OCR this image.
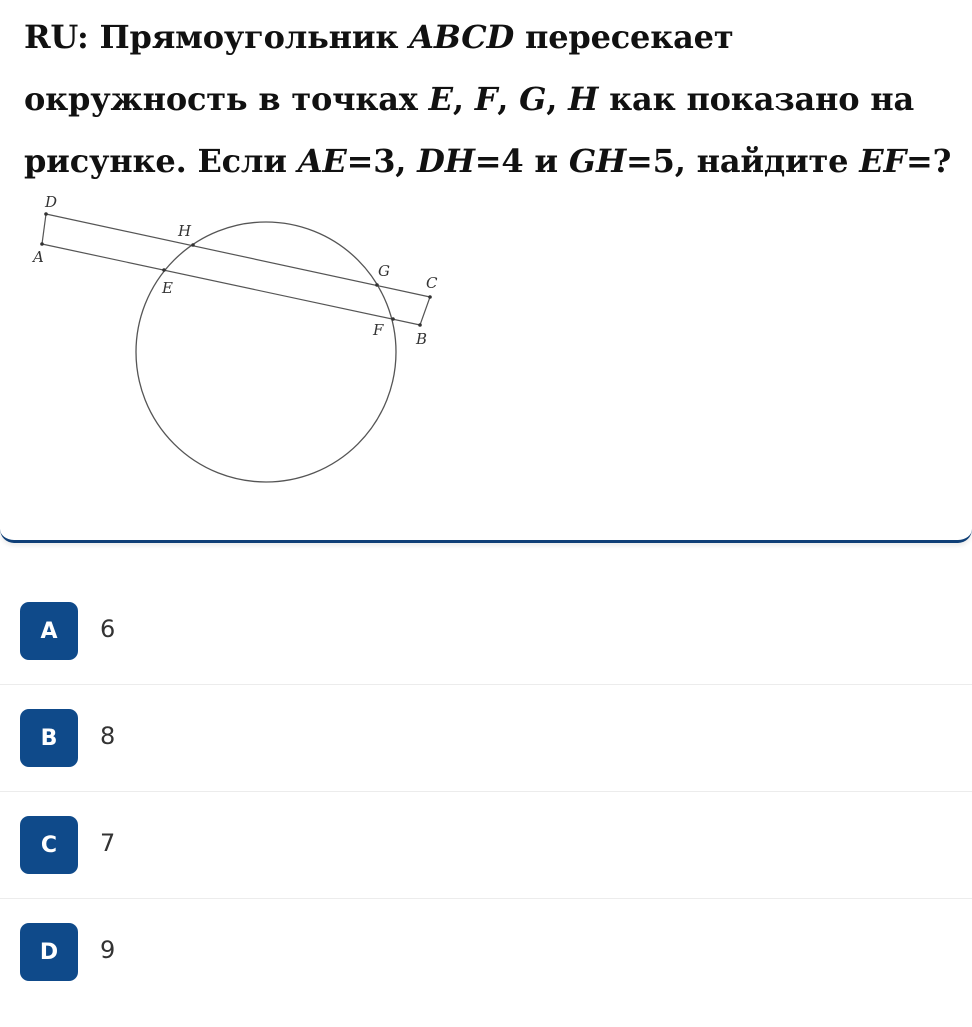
RU: Прямоугольник ABCD пересекает окружность в точках E, F, G, H как показано на рисунке. Если AE=3, DH=4 и GH=5, найдите EF=?
D
H
A
G
C
E
F B
A	6
B	8
C	7
D	9
